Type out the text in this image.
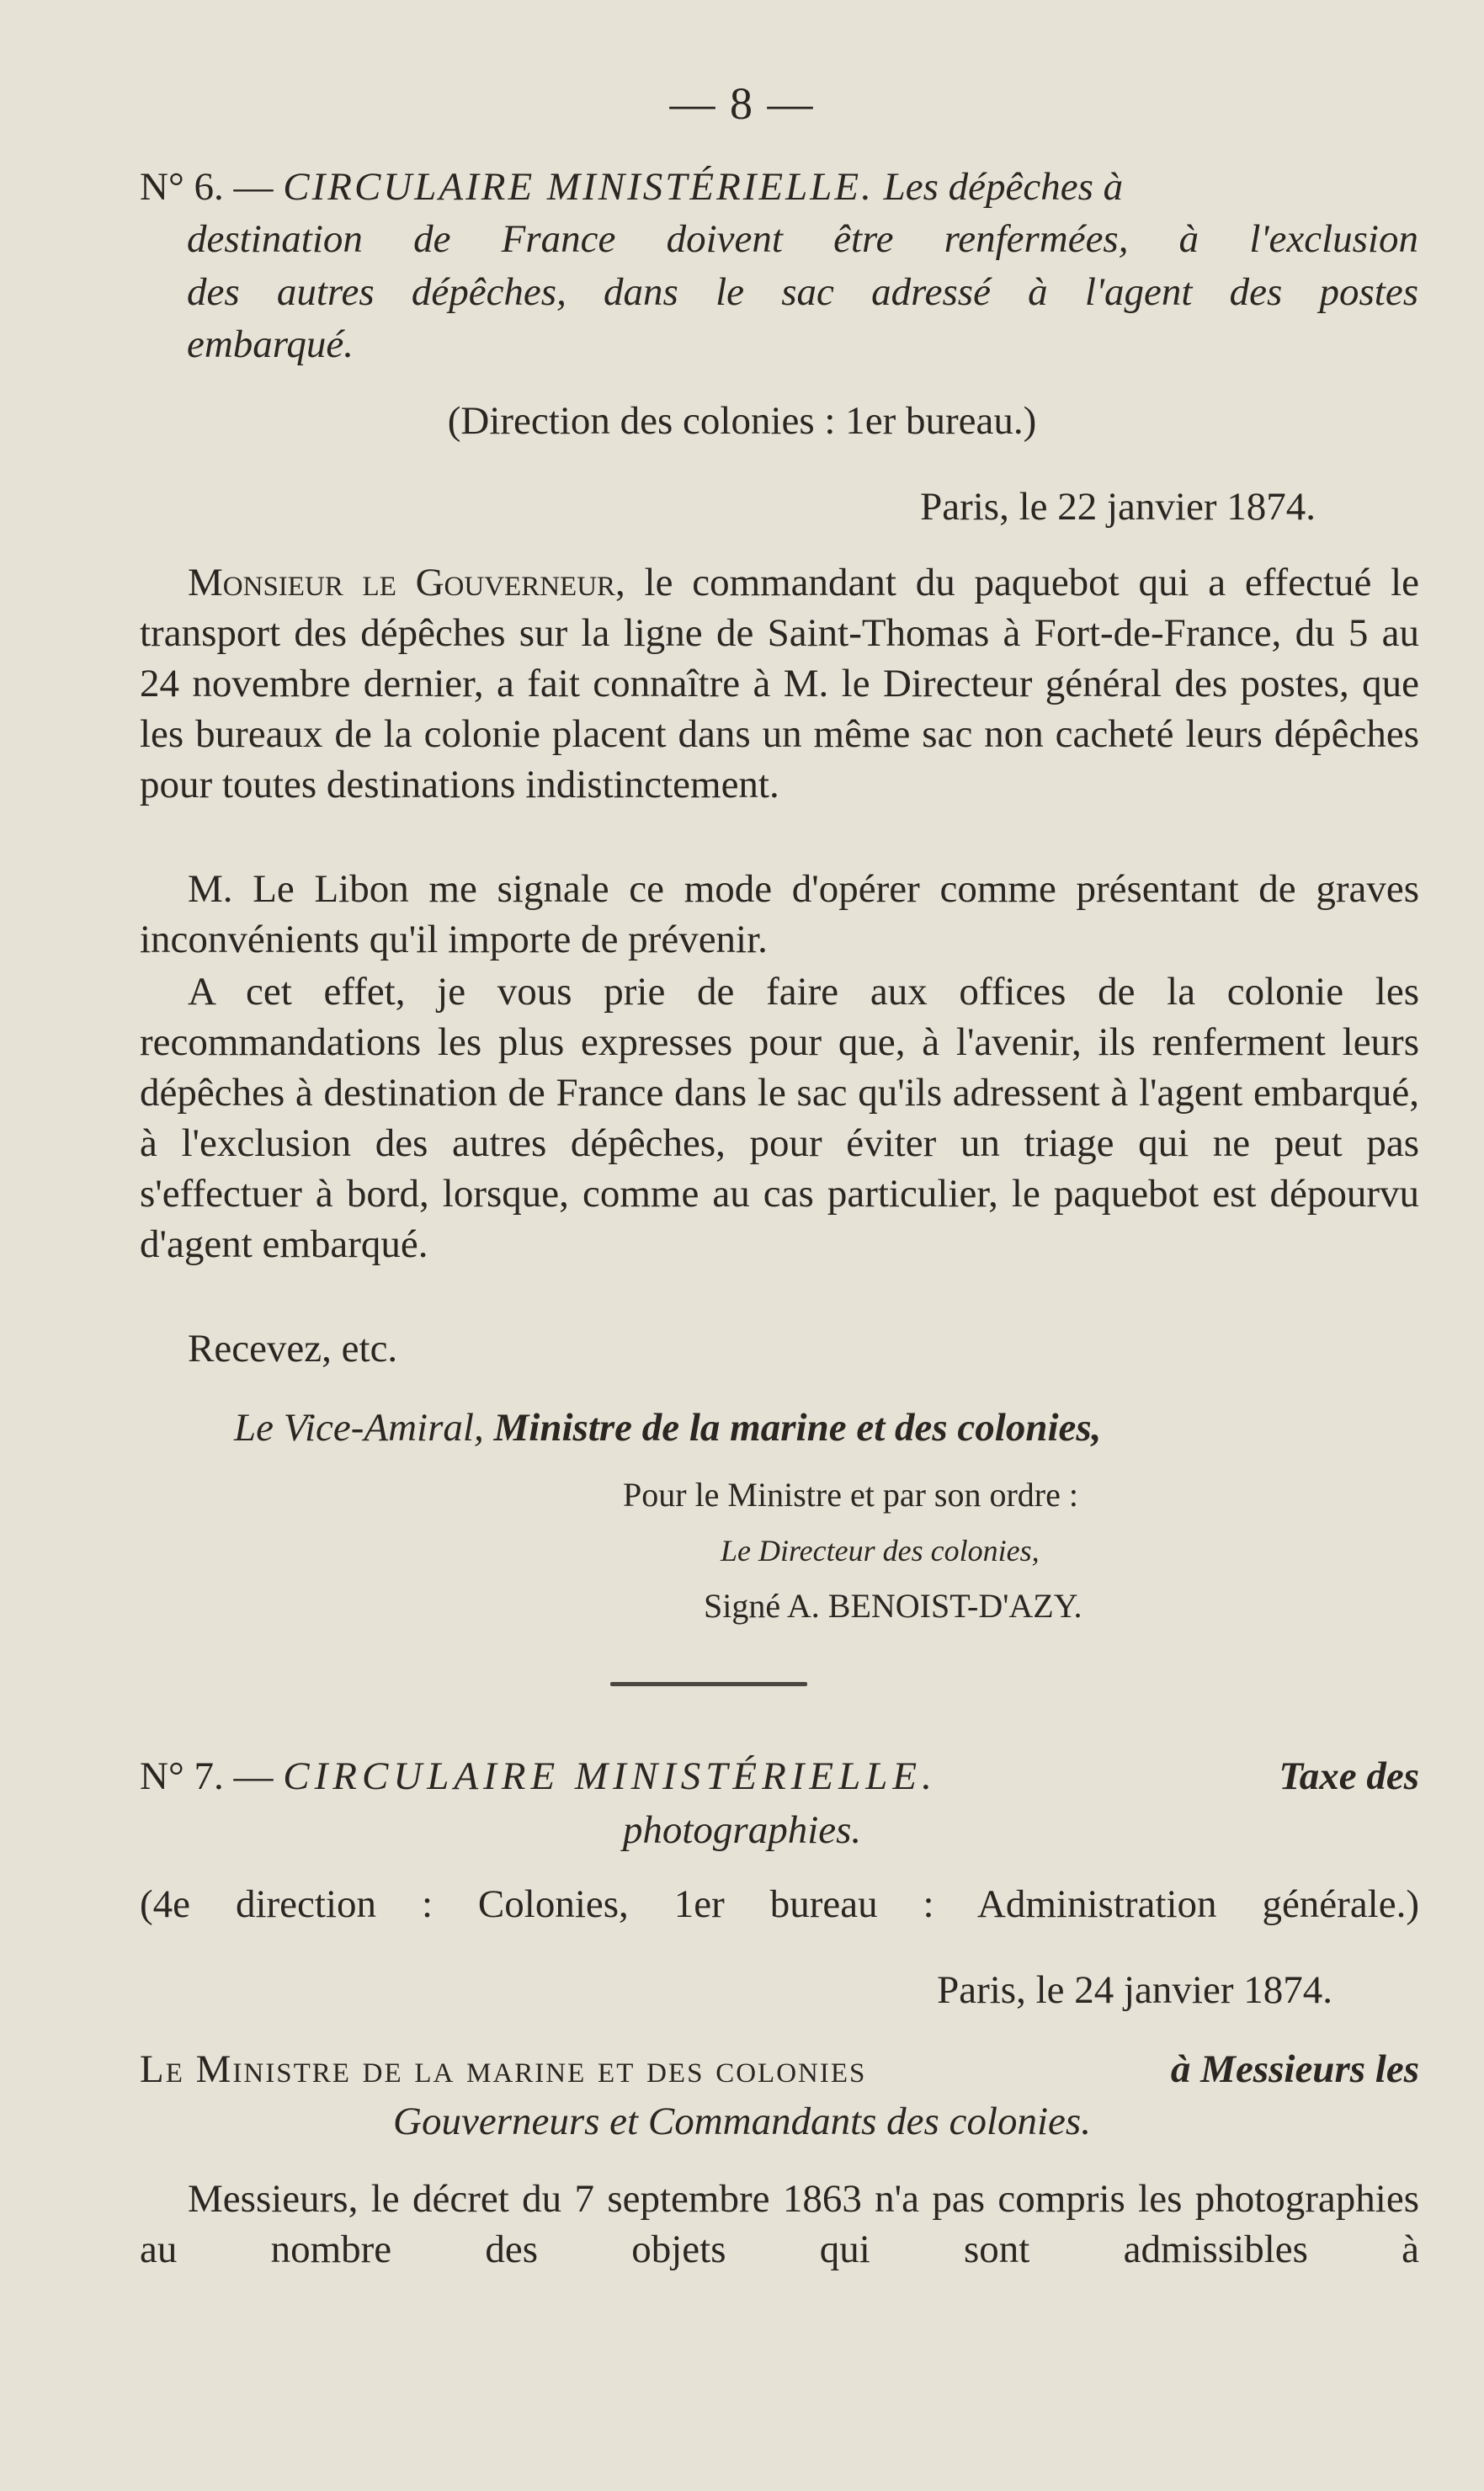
— 8 —
N° 6. — CIRCULAIRE MINISTÉRIELLE. Les dépêches à
destination de France doivent être renfermées, à l'exclusion
des autres dépêches, dans le sac adressé à l'agent des postes
embarqué.
(Direction des colonies : 1er bureau.)
Paris, le 22 janvier 1874.
Monsieur le Gouverneur, le commandant du paquebot qui a effectué le transport des dépêches sur la ligne de Saint-Thomas à Fort-de-France, du 5 au 24 novembre dernier, a fait connaître à M. le Directeur général des postes, que les bureaux de la colonie placent dans un même sac non cacheté leurs dépêches pour toutes destinations indistinctement.
M. Le Libon me signale ce mode d'opérer comme présentant de graves inconvénients qu'il importe de prévenir.
A cet effet, je vous prie de faire aux offices de la colonie les recommandations les plus expresses pour que, à l'avenir, ils renferment leurs dépêches à destination de France dans le sac qu'ils adressent à l'agent embarqué, à l'exclusion des autres dépêches, pour éviter un triage qui ne peut pas s'effectuer à bord, lorsque, comme au cas particulier, le paquebot est dépourvu d'agent embarqué.
Recevez, etc.
Le Vice-Amiral, Ministre de la marine et des colonies,
Pour le Ministre et par son ordre :
Le Directeur des colonies,
Signé A. BENOIST-D'AZY.
N° 7. — CIRCULAIRE MINISTÉRIELLE.	Taxe des
photographies.
(4e direction : Colonies, 1er bureau : Administration générale.)
Paris, le 24 janvier 1874.
Le Ministre de la marine et des colonies	à Messieurs les
Gouverneurs et Commandants des colonies.
Messieurs, le décret du 7 septembre 1863 n'a pas compris les photographies au nombre des objets qui sont admissibles à
